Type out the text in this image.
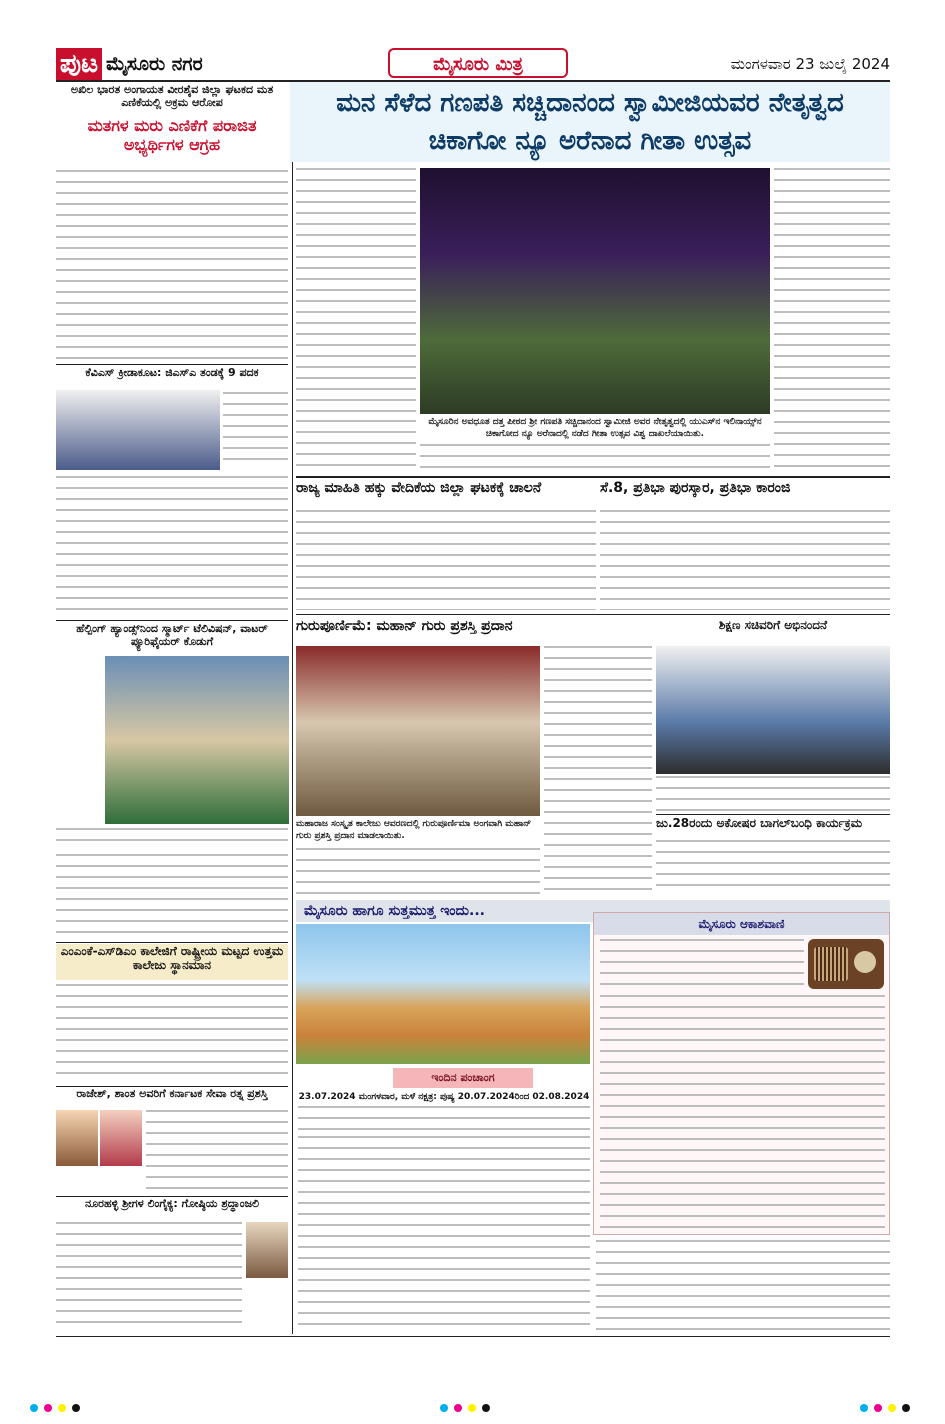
ಪುಟ ಮೈಸೂರು ನಗರ	ಮೈಸೂರು ಮಿತ್ರ	ಮಂಗಳವಾರ 23 ಜುಲೈ 2024
ಅಖಿಲ ಭಾರತ ಅಂಗಾಯತ ವೀರಶೈವ ಜಿಲ್ಲಾ ಘಟಕದ ಮತ ಎಣಿಕೆಯಲ್ಲಿ ಅಕ್ರಮ ಆರೋಪ
ಮತಗಳ ಮರು ಎಣಿಕೆಗೆ ಪರಾಜಿತ ಅಭ್ಯರ್ಥಿಗಳ ಆಗ್ರಹ
ಕೆವಿಎಸ್ ಕ್ರೀಡಾಕೂಟ: ಜಿಎಸ್‌ಎ ತಂಡಕ್ಕೆ 9 ಪದಕ
ಹೆಲ್ಪಿಂಗ್ ಹ್ಯಾಂಡ್ಸ್‌ನಿಂದ ಸ್ಮಾರ್ಟ್ ಟೆಲಿವಿಷನ್, ವಾಟರ್ ಪ್ಯೂರಿಫೈಯರ್ ಕೊಡುಗೆ
ಎಂಎಂಕೆ-ಎಸ್‌ಡಿಎಂ ಕಾಲೇಜಿಗೆ ರಾಷ್ಟ್ರೀಯ ಮಟ್ಟದ ಉತ್ತಮ ಕಾಲೇಜು ಸ್ಥಾನಮಾನ
ರಾಜೇಶ್, ಶಾಂತ ಅವರಿಗೆ ಕರ್ನಾಟಕ ಸೇವಾ ರತ್ನ ಪ್ರಶಸ್ತಿ
ನೂರಹಳ್ಳಿ ಶ್ರೀಗಳ ಲಿಂಗೈಕ್ಯ: ಗೋಷ್ಠಿಯ ಶ್ರದ್ಧಾಂಜಲಿ
ಮನ ಸೆಳೆದ ಗಣಪತಿ ಸಚ್ಚಿದಾನಂದ ಸ್ವಾಮೀಜಿಯವರ ನೇತೃತ್ವದ ಚಿಕಾಗೋ ನ್ಯೂ ಅರೆನಾದ ಗೀತಾ ಉತ್ಸವ
ಮೈಸೂರಿನ ಅವಧೂತ ದತ್ತ ಪೀಠದ ಶ್ರೀ ಗಣಪತಿ ಸಚ್ಚಿದಾನಂದ ಸ್ವಾಮೀಜಿ ಅವರ ನೇತೃತ್ವದಲ್ಲಿ ಯುಎಸ್‌ನ ಇಲಿನಾಯ್ಸ್‌ನ ಚಿಕಾಗೋದ ನ್ಯೂ ಅರೆನಾದಲ್ಲಿ ನಡೆದ ಗೀತಾ ಉತ್ಸವ ವಿಶ್ವ ದಾಖಲೆಯಾಯಿತು.
ರಾಜ್ಯ ಮಾಹಿತಿ ಹಕ್ಕು ವೇದಿಕೆಯ ಜಿಲ್ಲಾ ಘಟಕಕ್ಕೆ ಚಾಲನೆ	ಸೆ.8, ಪ್ರತಿಭಾ ಪುರಸ್ಕಾರ, ಪ್ರತಿಭಾ ಕಾರಂಜಿ
ಗುರುಪೂರ್ಣಿಮೆ: ಮಹಾನ್ ಗುರು ಪ್ರಶಸ್ತಿ ಪ್ರದಾನ
ಮಹಾರಾಜ ಸಂಸ್ಕೃತ ಕಾಲೇಜು ಆವರಣದಲ್ಲಿ ಗುರುಪೂರ್ಣಿಮಾ ಅಂಗವಾಗಿ ಮಹಾನ್ ಗುರು ಪ್ರಶಸ್ತಿ ಪ್ರದಾನ ಮಾಡಲಾಯಿತು.
ಶಿಕ್ಷಣ ಸಚಿವರಿಗೆ ಅಭಿನಂದನೆ
ಜು.28ರಂದು ಅಕೋಷರ ಬಾಗಲ್‌ಬಂಧಿ ಕಾರ್ಯಕ್ರಮ
ಮೈಸೂರು ಹಾಗೂ ಸುತ್ತಮುತ್ತ ಇಂದು...
ಇಂದಿನ ಪಂಚಾಂಗ
23.07.2024 ಮಂಗಳವಾರ, ಮಳೆ ನಕ್ಷತ್ರ: ಪುಷ್ಯ 20.07.2024ರಿಂದ 02.08.2024
ಮೈಸೂರು ಆಕಾಶವಾಣಿ
